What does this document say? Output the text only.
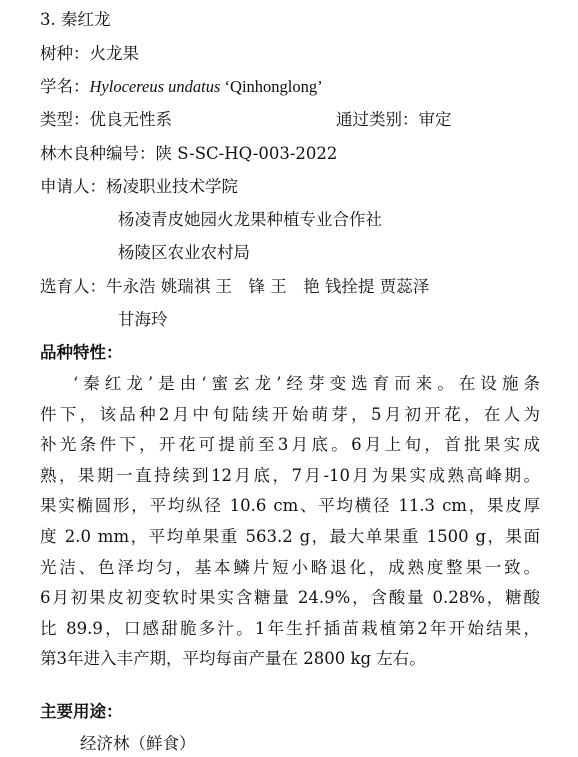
3. 秦红龙
树种：火龙果
学名：Hylocereus undatus ‘Qinhonglong’
类型：优良无性系	通过类别：审定
林木良种编号：陕 S-SC-HQ-003-2022
申请人：杨凌职业技术学院
杨凌青皮她园火龙果种植专业合作社
杨陵区农业农村局
选育人：牛永浩 姚瑞祺 王　锋 王　艳 钱拴提 贾蕊泽
甘海玲
品种特性：
‘秦红龙’是由‘蜜玄龙’经芽变选育而来。在设施条
件下，该品种2月中旬陆续开始萌芽，5月初开花，在人为
补光条件下，开花可提前至3月底。6月上旬，首批果实成
熟，果期一直持续到12月底，7月-10月为果实成熟高峰期。
果实椭圆形，平均纵径 10.6 cm、平均横径 11.3 cm，果皮厚
度 2.0 mm，平均单果重 563.2 g，最大单果重 1500 g，果面
光洁、色泽均匀，基本鳞片短小略退化，成熟度整果一致。
6月初果皮初变软时果实含糖量 24.9%，含酸量 0.28%，糖酸
比 89.9，口感甜脆多汁。1年生扦插苗栽植第2年开始结果，
第3年进入丰产期，平均每亩产量在 2800 kg 左右。
主要用途：
经济林（鲜食）
